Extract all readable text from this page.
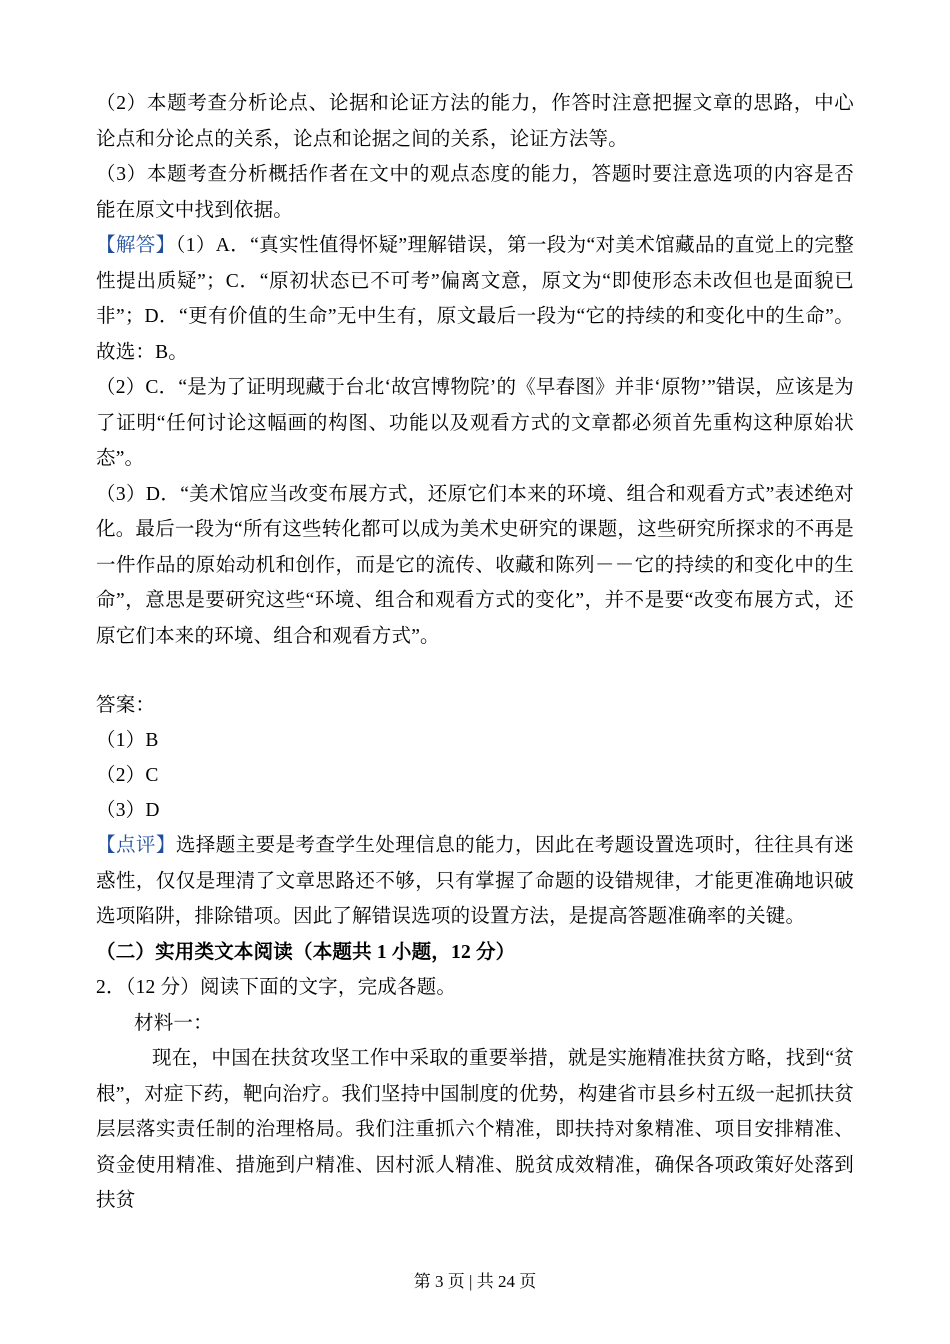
（2）本题考查分析论点、论据和论证方法的能力，作答时注意把握文章的思路，中心论点和分论点的关系，论点和论据之间的关系，论证方法等。

（3）本题考查分析概括作者在文中的观点态度的能力，答题时要注意选项的内容是否能在原文中找到依据。

【解答】（1）A．“真实性值得怀疑”理解错误，第一段为“对美术馆藏品的直觉上的完整性提出质疑”；C．“原初状态已不可考”偏离文意，原文为“即使形态未改但也是面貌已非”；D．“更有价值的生命”无中生有，原文最后一段为“它的持续的和变化中的生命”。故选：B。

（2）C．“是为了证明现藏于台北‘故宫博物院’的《早春图》并非‘原物’”错误，应该是为了证明“任何讨论这幅画的构图、功能以及观看方式的文章都必须首先重构这种原始状态”。

（3）D．“美术馆应当改变布展方式，还原它们本来的环境、组合和观看方式”表述绝对化。最后一段为“所有这些转化都可以成为美术史研究的课题，这些研究所探求的不再是一件作品的原始动机和创作，而是它的流传、收藏和陈列－－它的持续的和变化中的生命”，意思是要研究这些“环境、组合和观看方式的变化”，并不是要“改变布展方式，还原它们本来的环境、组合和观看方式”。

答案：

（1）B

（2）C

（3）D

【点评】选择题主要是考查学生处理信息的能力，因此在考题设置选项时，往往具有迷惑性，仅仅是理清了文章思路还不够，只有掌握了命题的设错规律，才能更准确地识破选项陷阱，排除错项。因此了解错误选项的设置方法，是提高答题准确率的关键。

（二）实用类文本阅读（本题共 1 小题，12 分）

2．（12 分）阅读下面的文字，完成各题。

材料一：

现在，中国在扶贫攻坚工作中采取的重要举措，就是实施精准扶贫方略，找到“贫根”，对症下药，靶向治疗。我们坚持中国制度的优势，构建省市县乡村五级一起抓扶贫层层落实责任制的治理格局。我们注重抓六个精准，即扶持对象精准、项目安排精准、资金使用精准、措施到户精准、因村派人精准、脱贫成效精准，确保各项政策好处落到扶贫

第 3 页 | 共 24 页
